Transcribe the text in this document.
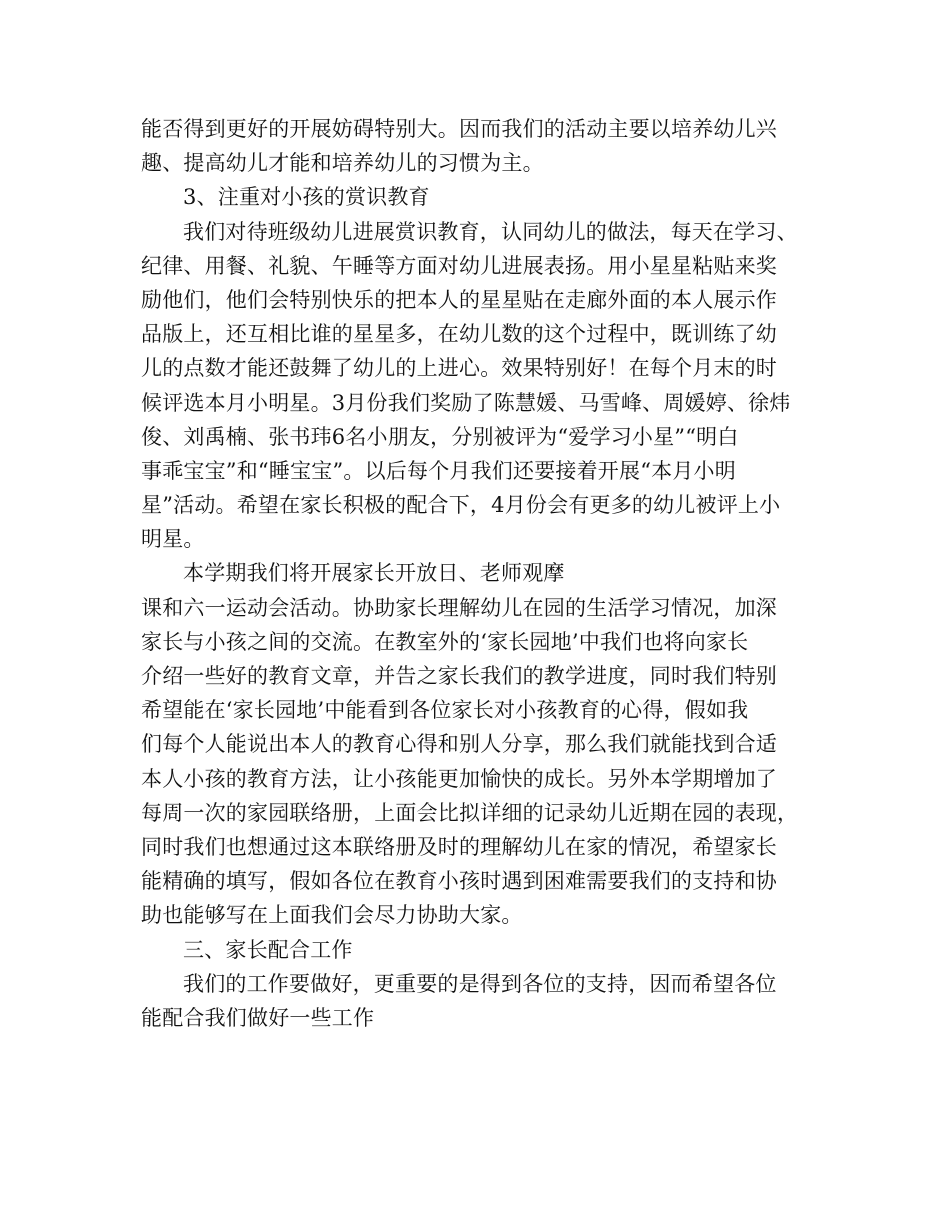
能否得到更好的开展妨碍特别大。因而我们的活动主要以培养幼儿兴
趣、提高幼儿才能和培养幼儿的习惯为主。
3、注重对小孩的赏识教育
我们对待班级幼儿进展赏识教育，认同幼儿的做法，每天在学习、
纪律、用餐、礼貌、午睡等方面对幼儿进展表扬。用小星星粘贴来奖
励他们，他们会特别快乐的把本人的星星贴在走廊外面的本人展示作
品版上，还互相比谁的星星多，在幼儿数的这个过程中，既训练了幼
儿的点数才能还鼓舞了幼儿的上进心。效果特别好！在每个月末的时
候评选本月小明星。3月份我们奖励了陈慧媛、马雪峰、周媛婷、徐炜
俊、刘禹楠、张书玮6名小朋友，分别被评为“爱学习小星”“明白
事乖宝宝”和“睡宝宝”。以后每个月我们还要接着开展“本月小明
星”活动。希望在家长积极的配合下，4月份会有更多的幼儿被评上小
明星。
本学期我们将开展家长开放日、老师观摩
课和六一运动会活动。协助家长理解幼儿在园的生活学习情况，加深
家长与小孩之间的交流。在教室外的‘家长园地’中我们也将向家长
介绍一些好的教育文章，并告之家长我们的教学进度，同时我们特别
希望能在‘家长园地’中能看到各位家长对小孩教育的心得，假如我
们每个人能说出本人的教育心得和别人分享，那么我们就能找到合适
本人小孩的教育方法，让小孩能更加愉快的成长。另外本学期增加了
每周一次的家园联络册，上面会比拟详细的记录幼儿近期在园的表现，
同时我们也想通过这本联络册及时的理解幼儿在家的情况，希望家长
能精确的填写，假如各位在教育小孩时遇到困难需要我们的支持和协
助也能够写在上面我们会尽力协助大家。
三、家长配合工作
我们的工作要做好，更重要的是得到各位的支持，因而希望各位
能配合我们做好一些工作
